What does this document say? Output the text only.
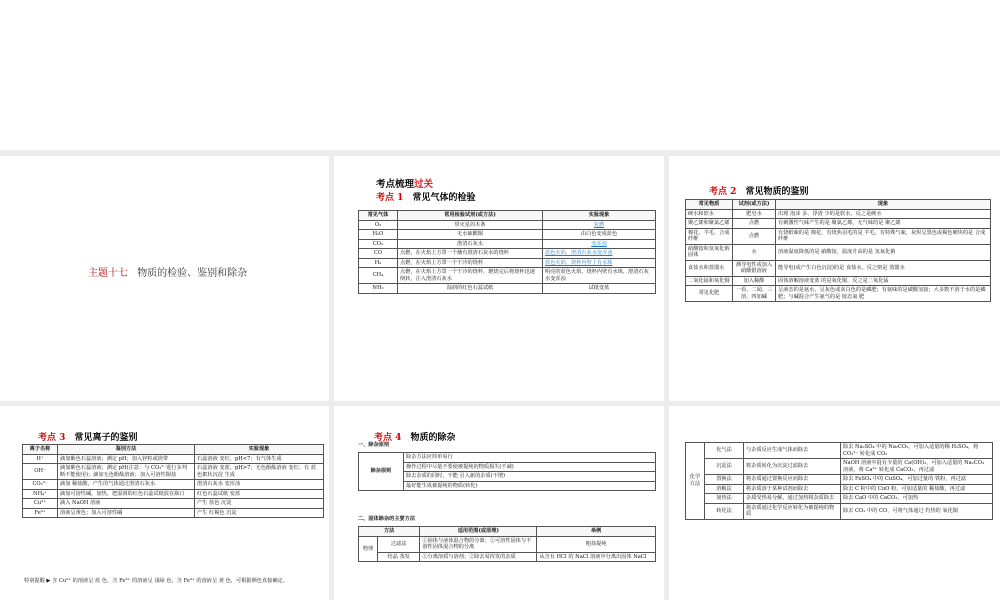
主题十七 物质的检验、鉴别和除杂
考点梳理过关
考点 1 常见气体的检验
常见气体	常用检验试剂(或方法)	实验现象
O₂	带火星的木条	复燃
H₂O	无水硫酸铜	由白色变成蓝色
CO₂	澄清石灰水	变浑浊
CO	点燃，在火焰上方罩一个蘸有澄清石灰水的烧杯	蓝色火焰，澄清石灰水变浑浊
H₂	点燃，在火焰上方罩一个干冷的烧杯	蓝色火焰，烧杯内壁上有水珠
CH₄	点燃，在火焰上方罩一个干冷的烧杯，燃烧完后将烧杯迅速倒转，注入澄清石灰水	明亮的蓝色火焰，烧杯内壁有水珠，澄清石灰水变浑浊
NH₃	湿润的红色石蕊试纸	试纸变蓝
考点 2 常见物质的鉴别
常见物质	试剂(或方法)	现象
硬水和软水	肥皂水	出现 泡沫 多、浮渣 少的是软水，反之是硬水
聚乙烯和聚氯乙烯	点燃	有刺激性气味产生的是 聚氯乙烯，无气味的是 聚乙烯
棉花、羊毛、合成纤维	点燃	有烧纸味的是 棉花，有烧焦羽毛的是 羊毛，有特殊气味，灰烬呈黑色或褐色硬块的是 合成纤维
硝酸铵和氢氧化钠固体	水	溶液温度降低的是 硝酸铵，温度升高的是 氢氧化钠
食盐水和蒸馏水	测导电性或加入硝酸银溶液	能导电(或产生白色沉淀)的是 食盐水，反之则是 蒸馏水
二氧化锰和氧化铜	加入稀酸	固体溶解溶液变蓝 的是氧化铜，反之是二氧化锰
常见化肥	一看、二闻、三溶、四加碱	呈液态的是氨水，呈灰色或灰白色的是磷肥；有氨味的是碳酸氢铵；大多数不溶于水的是磷肥；与碱混合产生氨气的是 铵态氮 肥
考点 3 常见离子的鉴别
离子名称	鉴别方法	实验现象
H⁺	滴加紫色石蕊溶液；测定 pH；加入锌粒或镁带	石蕊溶液 变红，pH<7；有气体生成
OH⁻	滴加紫色石蕊溶液；测定 pH(注意：与 CO₃²⁻进行多判断不能使用)；滴加无色酚酞溶液；加入可溶性铜盐	石蕊溶液 变蓝，pH>7；无色酚酞溶液 变红；有 蓝色絮状沉淀 生成
CO₃²⁻	滴加 稀盐酸，产生的气体通过澄清石灰水	澄清石灰水 变浑浊
NH₄⁺	滴加可溶性碱，加热，把湿润的红色石蕊试纸放在瓶口	红色石蕊试纸 变蓝
Cu²⁺	滴入 NaOH 溶液	产生 蓝色 沉淀
Fe³⁺	溶液呈黄色；加入可溶性碱	产生 红褐色 沉淀
特别提醒 ▶ 含 Cu²⁺ 的溶液呈 蓝 色，含 Fe²⁺ 的溶液呈 浅绿 色，含 Fe³⁺ 的溶液呈 黄 色，可根据颜色直接确定。
考点 4 物质的除杂
一、除杂原则
除杂原则	除杂方法应简单易行
操作过程中尽量不要使被提纯的物质损失(不减)
除去杂质的同时，不能 引入新的杂质(不增)
最好能生成被提纯的物质(转化)
二、固体除杂的主要方法
方法		适用范围(或原理)	举例
物理	过滤法	①固体与液体混合物的分离；②可溶性固体与不溶性固体混合物的分离	粗盐提纯
	结晶 蒸发	①分离溶质与溶剂；②除去易挥发的杂质	从含有 HCl 的 NaCl 溶液中分离出固体 NaCl
化学方法	化气法	与杂质反应生成气体而除去	除去 Na₂SO₄ 中的 Na₂CO₃，可加入适量的稀 H₂SO₄，将 CO₃²⁻ 转化成 CO₂
	沉淀法	将杂质转化为沉淀过滤除去	NaOH 溶液中混有少量的 Ca(OH)₂，可加入适量的 Na₂CO₃ 溶液，将 Ca²⁺ 转化成 CaCO₃，再过滤
	置换法	将杂质通过置换反应而除去	除去 FeSO₄ 中的 CuSO₄，可加过量的 铁粉，再过滤
	溶解法	将杂质溶于某种试剂而除去	除去 C 粉中的 CuO 粉，可加适量的 稀盐酸，再过滤
	加热法	杂质受热易分解，通过加热将杂质除去	除去 CaO 中的 CaCO₃，可加热
	转化法	将杂质通过化学反应转化为被提纯的物质	除去 CO₂ 中的 CO，可将气体通过 灼热的 氧化铜
